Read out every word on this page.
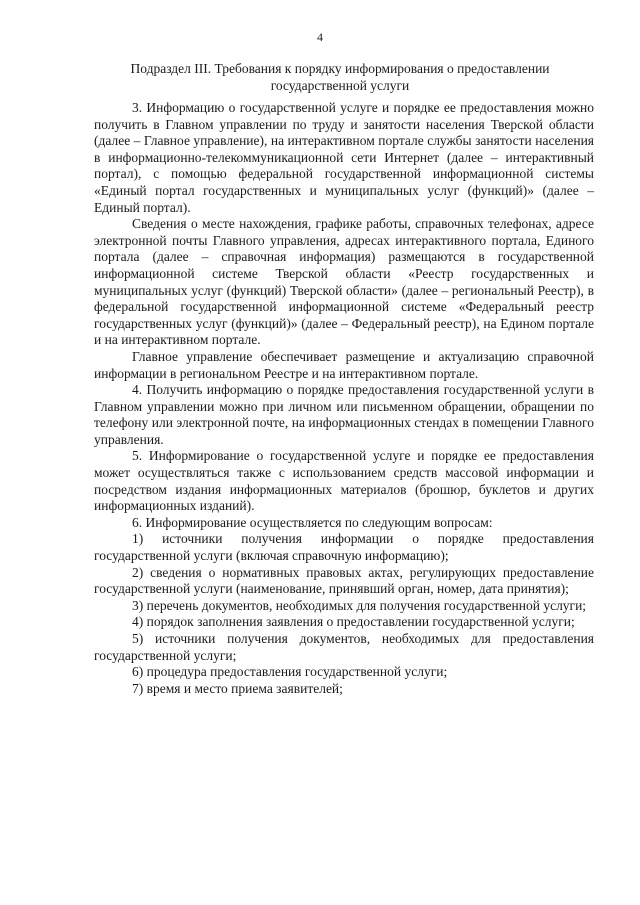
4
Подраздел III. Требования к порядку информирования о предоставлении государственной услуги

3. Информацию о государственной услуге и порядке ее предоставления можно получить в Главном управлении по труду и занятости населения Тверской области (далее – Главное управление), на интерактивном портале службы занятости населения в информационно-телекоммуникационной сети Интернет (далее – интерактивный портал), с помощью федеральной государственной информационной системы «Единый портал государственных и муниципальных услуг (функций)» (далее – Единый портал).

Сведения о месте нахождения, графике работы, справочных телефонах, адресе электронной почты Главного управления, адресах интерактивного портала, Единого портала (далее – справочная информация) размещаются в государственной информационной системе Тверской области «Реестр государственных и муниципальных услуг (функций) Тверской области» (далее – региональный Реестр), в федеральной государственной информационной системе «Федеральный реестр государственных услуг (функций)» (далее – Федеральный реестр), на Едином портале и на интерактивном портале.

Главное управление обеспечивает размещение и актуализацию справочной информации в региональном Реестре и на интерактивном портале.

4. Получить информацию о порядке предоставления государственной услуги в Главном управлении можно при личном или письменном обращении, обращении по телефону или электронной почте, на информационных стендах в помещении Главного управления.

5. Информирование о государственной услуге и порядке ее предоставления может осуществляться также с использованием средств массовой информации и посредством издания информационных материалов (брошюр, буклетов и других информационных изданий).

6. Информирование осуществляется по следующим вопросам:

1) источники получения информации о порядке предоставления государственной услуги (включая справочную информацию);

2) сведения о нормативных правовых актах, регулирующих предоставление государственной услуги (наименование, принявший орган, номер, дата принятия);

3) перечень документов, необходимых для получения государственной услуги;

4) порядок заполнения заявления о предоставлении государственной услуги;

5) источники получения документов, необходимых для предоставления государственной услуги;

6) процедура предоставления государственной услуги;

7) время и место приема заявителей;
